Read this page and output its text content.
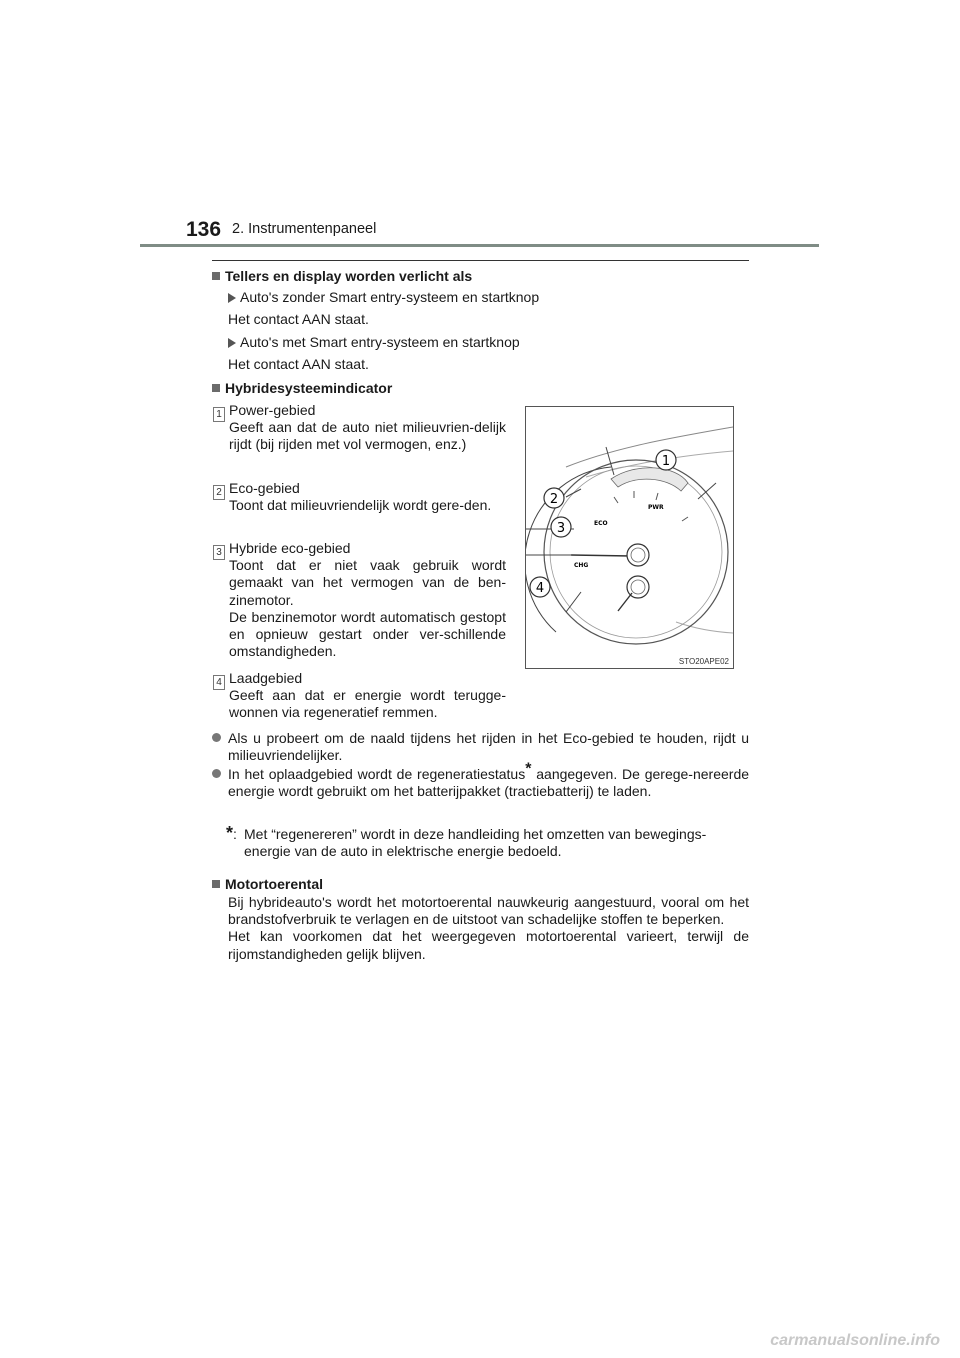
136 2. Instrumentenpaneel
Tellers en display worden verlicht als
Auto's zonder Smart entry-systeem en startknop
Het contact AAN staat.
Auto's met Smart entry-systeem en startknop
Het contact AAN staat.
Hybridesysteemindicator
1 Power-gebied
Geeft aan dat de auto niet milieuvrien-delijk rijdt (bij rijden met vol vermogen, enz.)
2 Eco-gebied
Toont dat milieuvriendelijk wordt gere-den.
3 Hybride eco-gebied
Toont dat er niet vaak gebruik wordt gemaakt van het vermogen van de ben-zinemotor.
De benzinemotor wordt automatisch gestopt en opnieuw gestart onder ver-schillende omstandigheden.
4 Laadgebied
Geeft aan dat er energie wordt terugge-wonnen via regeneratief remmen.
PWR
ECO
CHG
1
2
3
4
STO20APE02
Als u probeert om de naald tijdens het rijden in het Eco-gebied te houden, rijdt u milieuvriendelijker.
In het oplaadgebied wordt de regeneratiestatus* aangegeven. De gerege-nereerde energie wordt gebruikt om het batterijpakket (tractiebatterij) te laden.
*: Met “regenereren” wordt in deze handleiding het omzetten van bewegings-energie van de auto in elektrische energie bedoeld.
Motortoerental
Bij hybrideauto's wordt het motortoerental nauwkeurig aangestuurd, vooral om het brandstofverbruik te verlagen en de uitstoot van schadelijke stoffen te beperken.
Het kan voorkomen dat het weergegeven motortoerental varieert, terwijl de rijomstandigheden gelijk blijven.
carmanualsonline.info
